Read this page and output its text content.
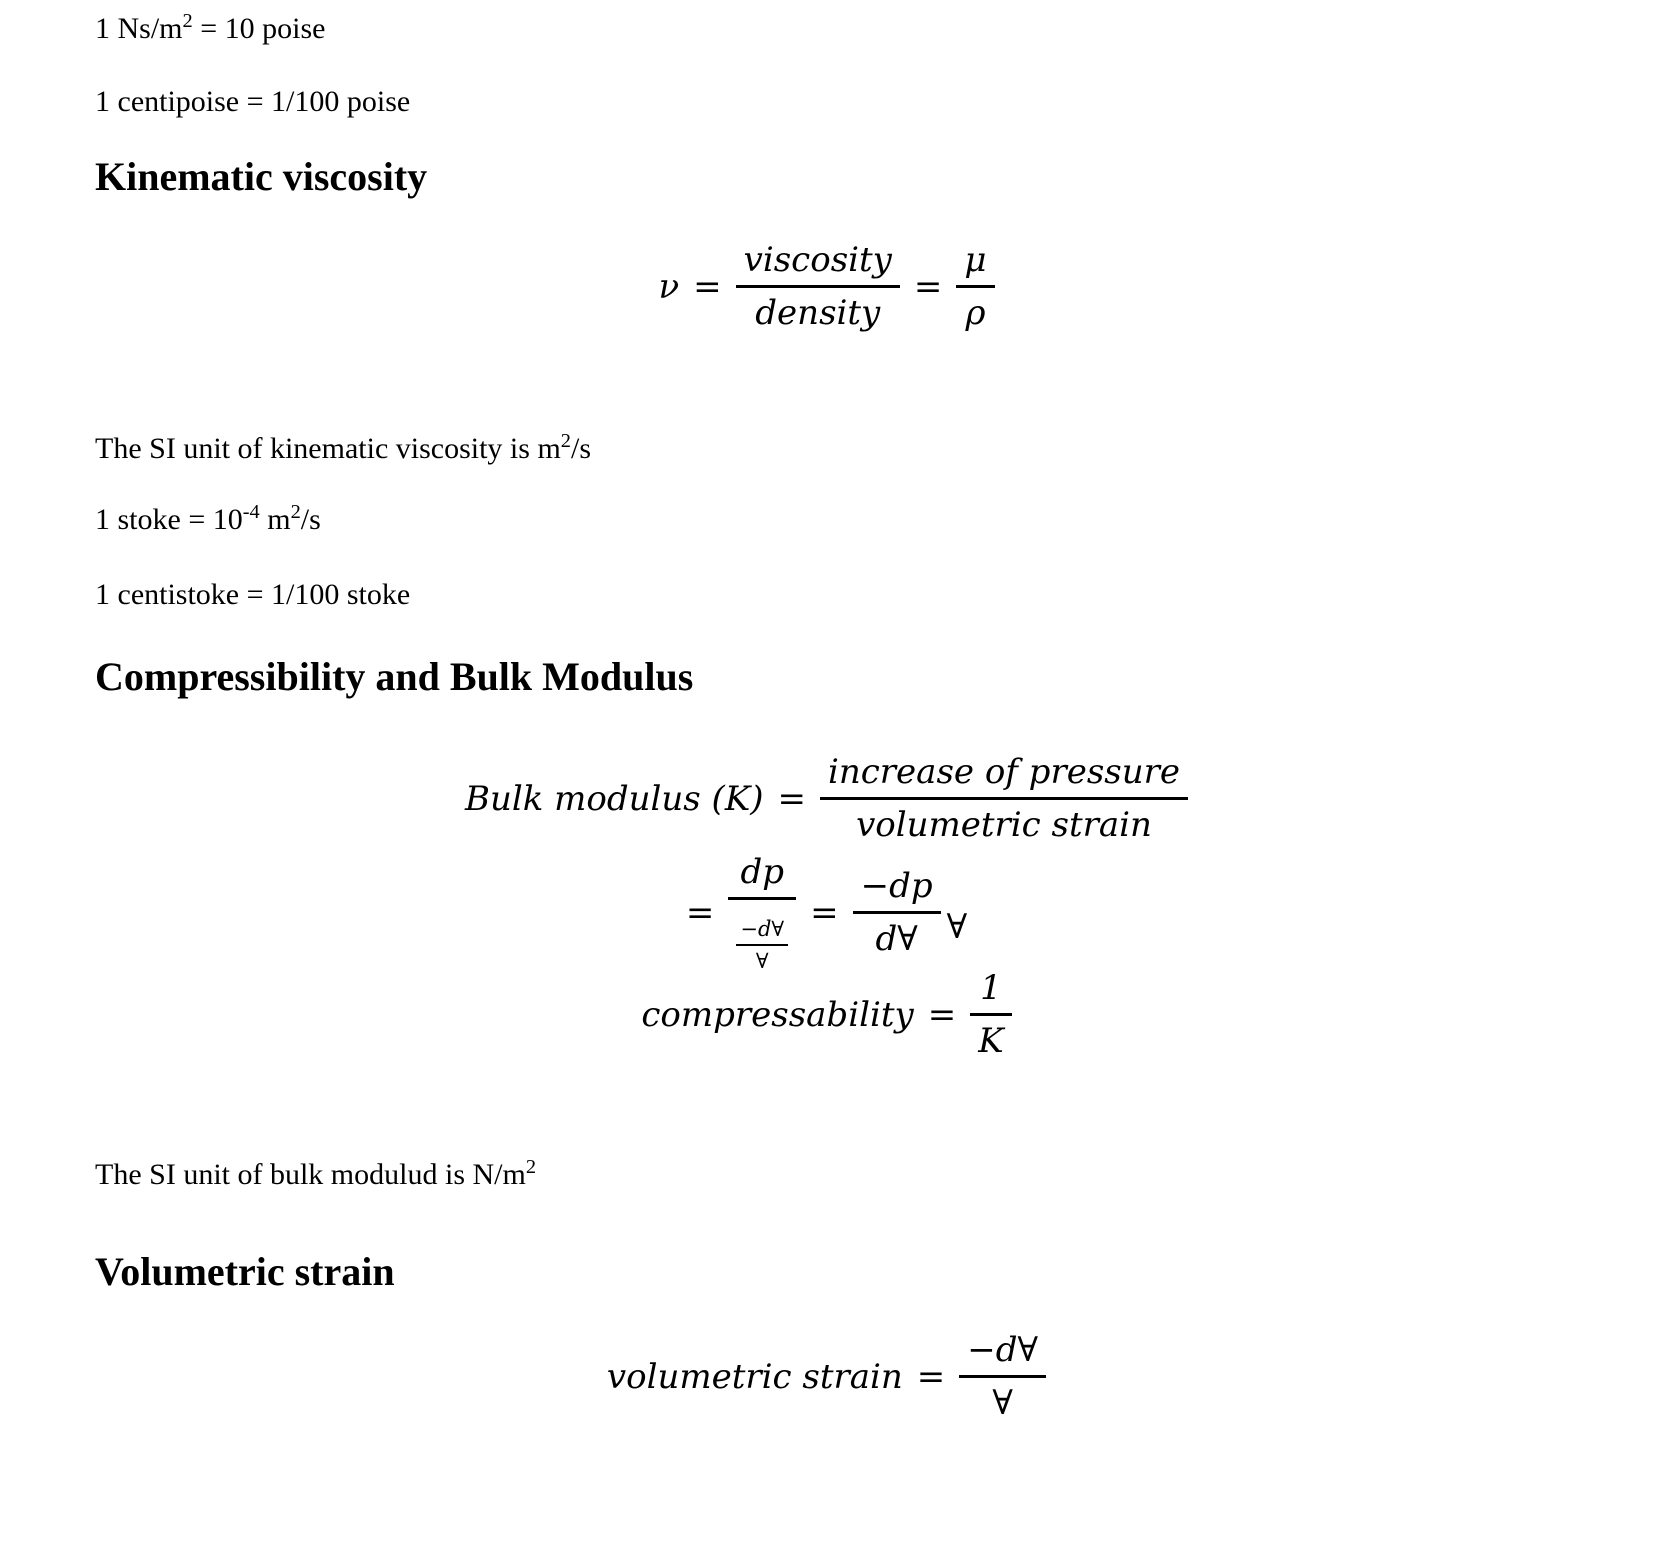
1 $Ns/m^2 = 10$ poise

1 centipoise = 1/100 poise

Kinematic viscosity
$\nu = \frac{\text{viscosity}}{\text{density}} = \frac{\mu}{\rho}$

The SI unit of kinematic viscosity is $m^2/s$

1 stoke = $10^{-4}$ $m^2/s$

1 centistoke = 1/100 stoke

Compressibility and Bulk Modulus
Bulk modulus $(K) = \frac{\text{increase of pressure}}{\text{volumetric strain}}$
= $\frac{dp}{\frac{-d\forall}{\forall}} = \frac{-dp}{d\forall}$ ∀
compressability = $\frac{1}{K}$

The SI unit of bulk modulud is $N/m^2$

Volumetric strain
volumetric strain = $\frac{-d\forall}{\forall}$
